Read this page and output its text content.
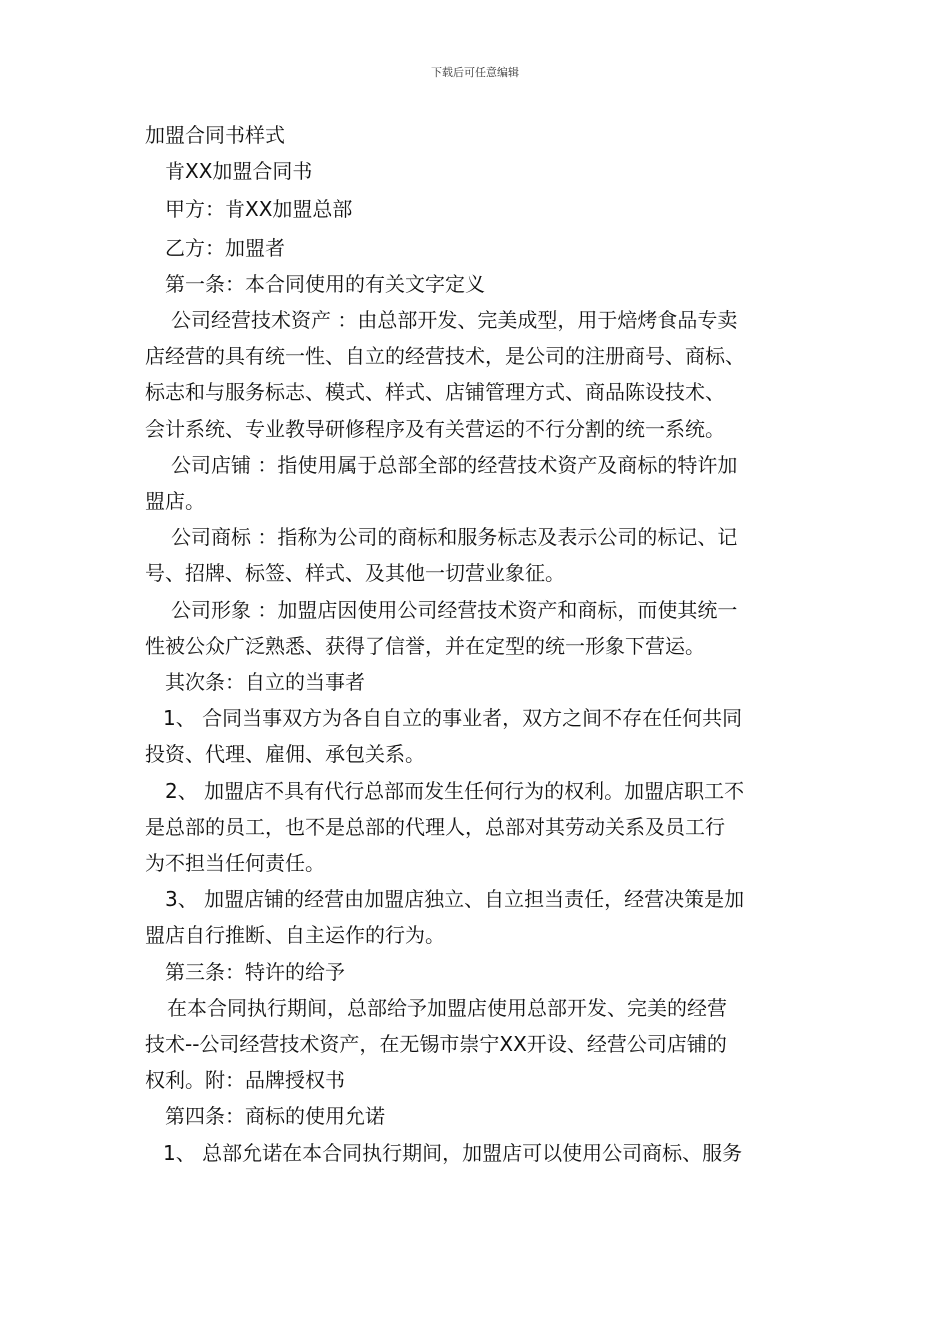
下载后可任意编辑

加盟合同书样式

肯XX加盟合同书

甲方：肯XX加盟总部

乙方：加盟者

第一条：本合同使用的有关文字定义

公司经营技术资产 ：由总部开发、完美成型，用于焙烤食品专卖

店经营的具有统一性、自立的经营技术，是公司的注册商号、商标、

标志和与服务标志、模式、样式、店铺管理方式、商品陈设技术、

会计系统、专业教导研修程序及有关营运的不行分割的统一系统。

公司店铺 ：指使用属于总部全部的经营技术资产及商标的特许加

盟店。

公司商标 ：指称为公司的商标和服务标志及表示公司的标记、记

号、招牌、标签、样式、及其他一切营业象征。

公司形象 ：加盟店因使用公司经营技术资产和商标，而使其统一

性被公众广泛熟悉、获得了信誉，并在定型的统一形象下营运。

其次条：自立的当事者

1、 合同当事双方为各自自立的事业者，双方之间不存在任何共同

投资、代理、雇佣、承包关系。

2、 加盟店不具有代行总部而发生任何行为的权利。加盟店职工不

是总部的员工，也不是总部的代理人，总部对其劳动关系及员工行

为不担当任何责任。

3、 加盟店铺的经营由加盟店独立、自立担当责任，经营决策是加

盟店自行推断、自主运作的行为。

第三条：特许的给予

在本合同执行期间，总部给予加盟店使用总部开发、完美的经营

技术--公司经营技术资产，在无锡市崇宁XX开设、经营公司店铺的

权利。附：品牌授权书

第四条：商标的使用允诺

1、 总部允诺在本合同执行期间，加盟店可以使用公司商标、服务
